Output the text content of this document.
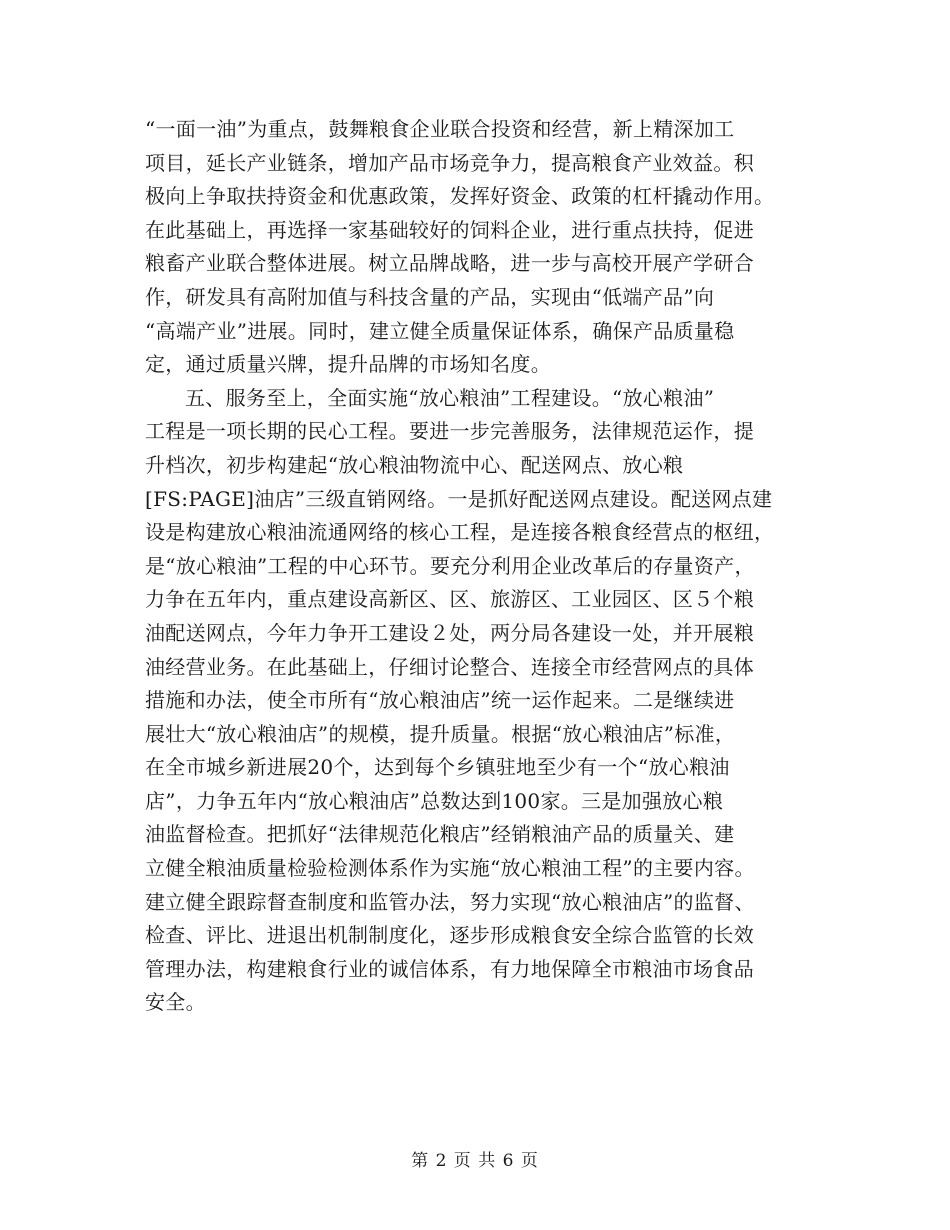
“一面一油”为重点，鼓舞粮食企业联合投资和经营，新上精深加工
项目，延长产业链条，增加产品市场竞争力，提高粮食产业效益。积
极向上争取扶持资金和优惠政策，发挥好资金、政策的杠杆撬动作用。
在此基础上，再选择一家基础较好的饲料企业，进行重点扶持，促进
粮畜产业联合整体进展。树立品牌战略，进一步与高校开展产学研合
作，研发具有高附加值与科技含量的产品，实现由“低端产品”向
“高端产业”进展。同时，建立健全质量保证体系，确保产品质量稳
定，通过质量兴牌，提升品牌的市场知名度。
五、服务至上，全面实施“放心粮油”工程建设。“放心粮油”
工程是一项长期的民心工程。要进一步完善服务，法律规范运作，提
升档次，初步构建起“放心粮油物流中心、配送网点、放心粮
[FS:PAGE]油店”三级直销网络。一是抓好配送网点建设。配送网点建
设是构建放心粮油流通网络的核心工程，是连接各粮食经营点的枢纽，
是“放心粮油”工程的中心环节。要充分利用企业改革后的存量资产，
力争在五年内，重点建设高新区、区、旅游区、工业园区、区５个粮
油配送网点，今年力争开工建设２处，两分局各建设一处，并开展粮
油经营业务。在此基础上，仔细讨论整合、连接全市经营网点的具体
措施和办法，使全市所有“放心粮油店”统一运作起来。二是继续进
展壮大“放心粮油店”的规模，提升质量。根据“放心粮油店”标准，
在全市城乡新进展20个，达到每个乡镇驻地至少有一个“放心粮油
店”，力争五年内“放心粮油店”总数达到100家。三是加强放心粮
油监督检查。把抓好“法律规范化粮店”经销粮油产品的质量关、建
立健全粮油质量检验检测体系作为实施“放心粮油工程”的主要内容。
建立健全跟踪督查制度和监管办法，努力实现“放心粮油店”的监督、
检查、评比、进退出机制制度化，逐步形成粮食安全综合监管的长效
管理办法，构建粮食行业的诚信体系，有力地保障全市粮油市场食品
安全。
第 2 页 共 6 页
